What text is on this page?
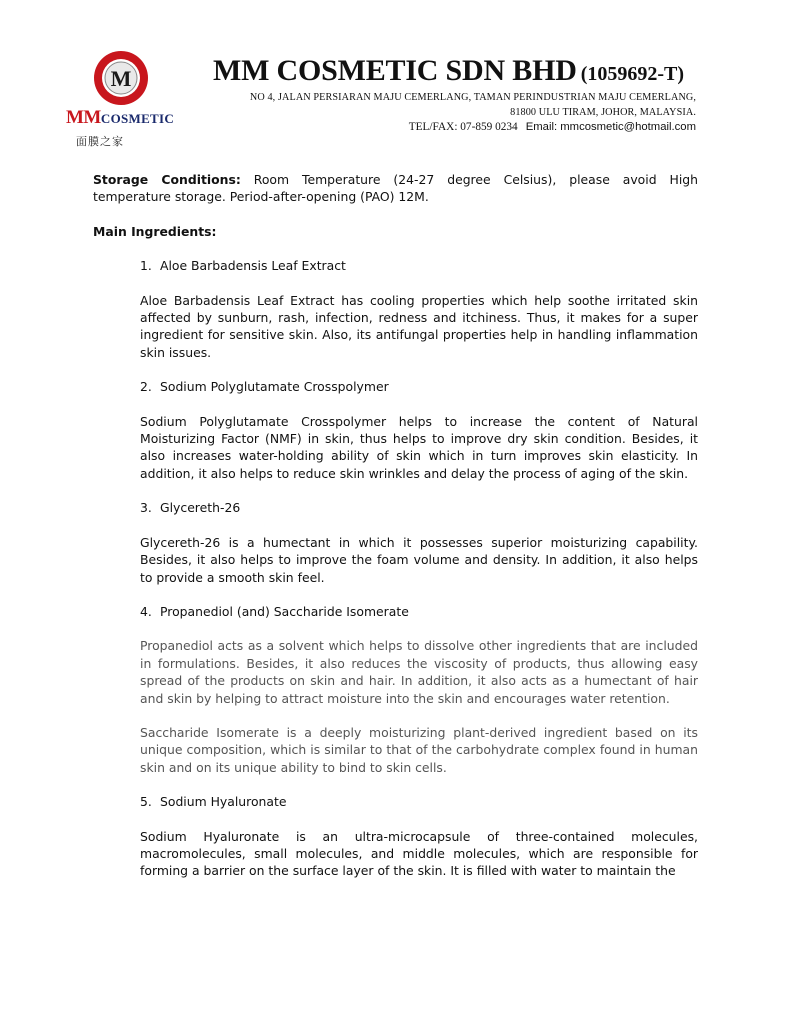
M
MMCOSMETIC
面膜之家
MM COSMETIC SDN BHD (1059692-T)
NO 4, JALAN PERSIARAN MAJU CEMERLANG, TAMAN PERINDUSTRIAN MAJU CEMERLANG,
81800 ULU TIRAM, JOHOR, MALAYSIA.
TEL/FAX: 07-859 0234 Email: mmcosmetic@hotmail.com

Storage Conditions: Room Temperature (24-27 degree Celsius), please avoid High temperature storage. Period-after-opening (PAO) 12M.

Main Ingredients:

1. Aloe Barbadensis Leaf Extract

Aloe Barbadensis Leaf Extract has cooling properties which help soothe irritated skin affected by sunburn, rash, infection, redness and itchiness. Thus, it makes for a super ingredient for sensitive skin. Also, its antifungal properties help in handling inflammation skin issues.

2. Sodium Polyglutamate Crosspolymer

Sodium Polyglutamate Crosspolymer helps to increase the content of Natural Moisturizing Factor (NMF) in skin, thus helps to improve dry skin condition. Besides, it also increases water-holding ability of skin which in turn improves skin elasticity. In addition, it also helps to reduce skin wrinkles and delay the process of aging of the skin.

3. Glycereth-26

Glycereth-26 is a humectant in which it possesses superior moisturizing capability. Besides, it also helps to improve the foam volume and density. In addition, it also helps to provide a smooth skin feel.

4. Propanediol (and) Saccharide Isomerate

Propanediol acts as a solvent which helps to dissolve other ingredients that are included in formulations. Besides, it also reduces the viscosity of products, thus allowing easy spread of the products on skin and hair. In addition, it also acts as a humectant of hair and skin by helping to attract moisture into the skin and encourages water retention.

Saccharide Isomerate is a deeply moisturizing plant-derived ingredient based on its unique composition, which is similar to that of the carbohydrate complex found in human skin and on its unique ability to bind to skin cells.

5. Sodium Hyaluronate

Sodium Hyaluronate is an ultra-microcapsule of three-contained molecules, macromolecules, small molecules, and middle molecules, which are responsible for forming a barrier on the surface layer of the skin. It is filled with water to maintain the
